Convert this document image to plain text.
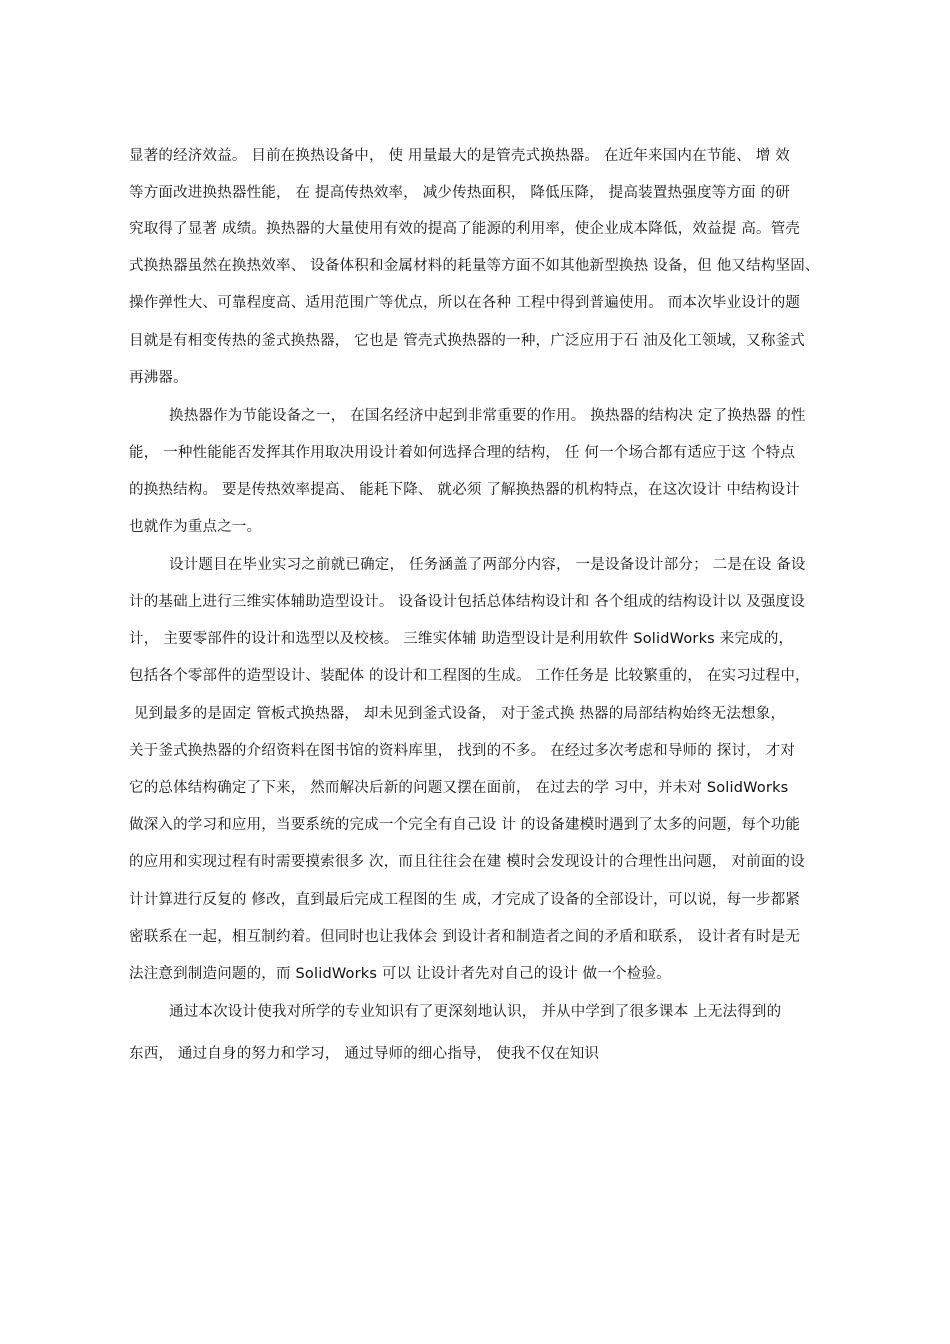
显著的经济效益。 目前在换热设备中， 使 用量最大的是管壳式换热器。 在近年来国内在节能、 增 效
等方面改进换热器性能， 在 提高传热效率， 减少传热面积， 降低压降， 提高装置热强度等方面 的研
究取得了显著 成绩。换热器的大量使用有效的提高了能源的利用率，使企业成本降低，效益提 高。管壳
式换热器虽然在换热效率、 设备体积和金属材料的耗量等方面不如其他新型换热 设备，但 他又结构坚固、
操作弹性大、可靠程度高、适用范围广等优点，所以在各种 工程中得到普遍使用。 而本次毕业设计的题
目就是有相变传热的釜式换热器， 它也是 管壳式换热器的一种，广泛应用于石 油及化工领域，又称釜式
再沸器。
换热器作为节能设备之一， 在国名经济中起到非常重要的作用。 换热器的结构决 定了换热器 的性
能， 一种性能能否发挥其作用取决用设计着如何选择合理的结构， 任 何一个场合都有适应于这 个特点
的换热结构。 要是传热效率提高、 能耗下降、 就必须 了解换热器的机构特点，在这次设计 中结构设计
也就作为重点之一。
设计题目在毕业实习之前就已确定， 任务涵盖了两部分内容， 一是设备设计部分； 二是在设 备设
计的基础上进行三维实体辅助造型设计。 设备设计包括总体结构设计和 各个组成的结构设计以 及强度设
计， 主要零部件的设计和选型以及校核。 三维实体辅 助造型设计是利用软件 SolidWorks 来完成的，
包括各个零部件的造型设计、装配体 的设计和工程图的生成。 工作任务是 比较繁重的， 在实习过程中，
见到最多的是固定 管板式换热器， 却未见到釜式设备， 对于釜式换 热器的局部结构始终无法想象，
关于釜式换热器的介绍资料在图书馆的资料库里， 找到的不多。 在经过多次考虑和导师的 探讨， 才对
它的总体结构确定了下来， 然而解决后新的问题又摆在面前， 在过去的学 习中，并未对 SolidWorks
做深入的学习和应用，当要系统的完成一个完全有自己设 计 的设备建模时遇到了太多的问题，每个功能
的应用和实现过程有时需要摸索很多 次，而且往往会在建 模时会发现设计的合理性出问题， 对前面的设
计计算进行反复的 修改，直到最后完成工程图的生 成，才完成了设备的全部设计，可以说，每一步都紧
密联系在一起，相互制约着。但同时也让我体会 到设计者和制造者之间的矛盾和联系， 设计者有时是无
法注意到制造问题的，而 SolidWorks 可以 让设计者先对自己的设计 做一个检验。
通过本次设计使我对所学的专业知识有了更深刻地认识， 并从中学到了很多课本 上无法得到的
东西， 通过自身的努力和学习， 通过导师的细心指导， 使我不仅在知识
